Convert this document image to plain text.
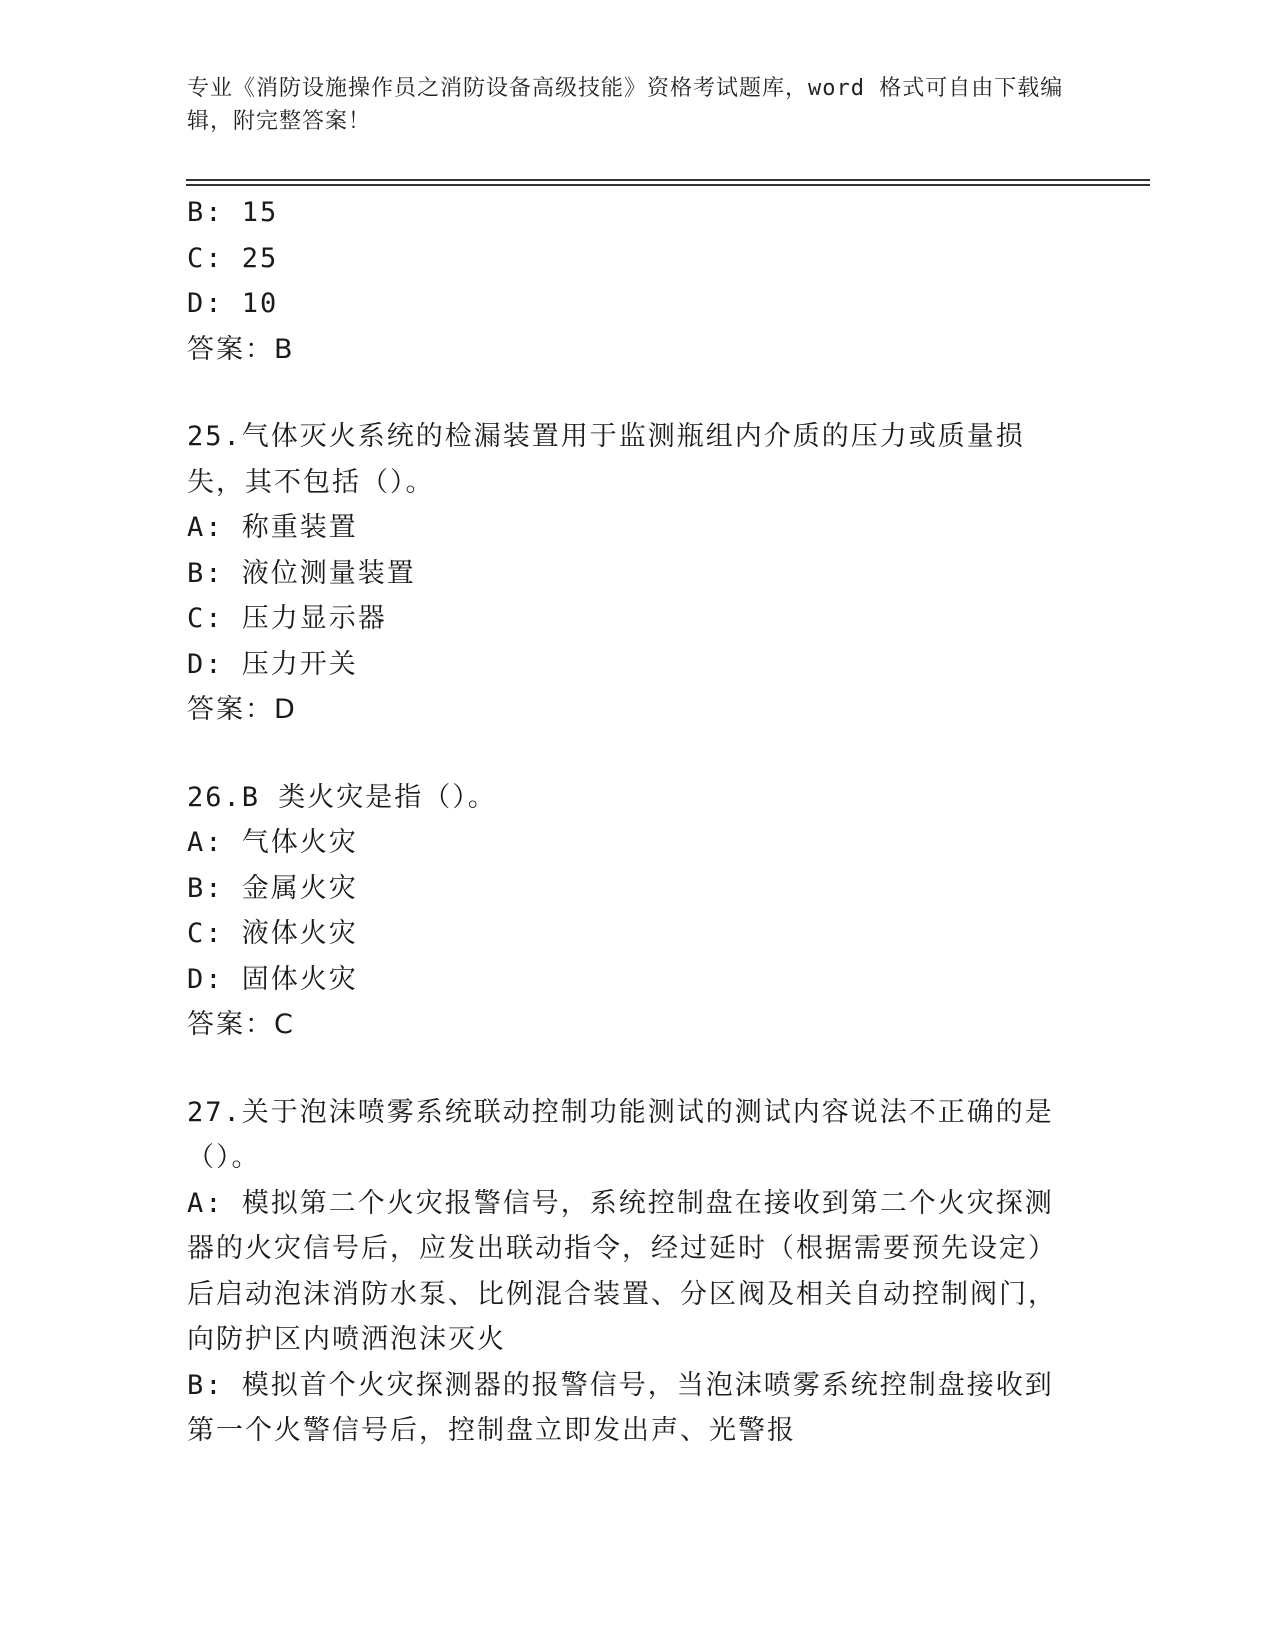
专业《消防设施操作员之消防设备高级技能》资格考试题库，word 格式可自由下载编辑，附完整答案！
B: 15
C: 25
D: 10
答案：B
25.气体灭火系统的检漏装置用于监测瓶组内介质的压力或质量损失，其不包括（）。
A: 称重装置
B: 液位测量装置
C: 压力显示器
D: 压力开关
答案：D
26.B 类火灾是指（）。
A: 气体火灾
B: 金属火灾
C: 液体火灾
D: 固体火灾
答案：C
27.关于泡沫喷雾系统联动控制功能测试的测试内容说法不正确的是（）。
A: 模拟第二个火灾报警信号，系统控制盘在接收到第二个火灾探测器的火灾信号后，应发出联动指令，经过延时（根据需要预先设定）后启动泡沫消防水泵、比例混合装置、分区阀及相关自动控制阀门，向防护区内喷洒泡沫灭火
B: 模拟首个火灾探测器的报警信号，当泡沫喷雾系统控制盘接收到第一个火警信号后，控制盘立即发出声、光警报
